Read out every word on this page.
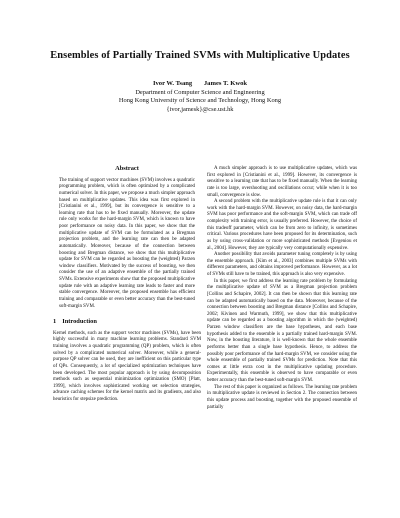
Ensembles of Partially Trained SVMs with Multiplicative Updates
Ivor W. Tsang James T. Kwok
Department of Computer Science and Engineering
Hong Kong University of Science and Technology, Hong Kong
{ivor,jamesk}@cse.ust.hk
Abstract

The training of support vector machines (SVM) involves a quadratic programming problem, which is often optimized by a complicated numerical solver. In this paper, we propose a much simpler approach based on multiplicative updates. This idea was first explored in [Cristianini et al., 1999], but its convergence is sensitive to a learning rate that has to be fixed manually. Moreover, the update rule only works for the hard-margin SVM, which is known to have poor performance on noisy data. In this paper, we show that the multiplicative update of SVM can be formulated as a Bregman projection problem, and the learning rate can then be adapted automatically. Moreover, because of the connection between boosting and Bregman distance, we show that this multiplicative update for SVM can be regarded as boosting the (weighted) Parzen window classifiers. Motivated by the success of boosting, we then consider the use of an adaptive ensemble of the partially trained SVMs. Extensive experiments show that the proposed multiplicative update rule with an adaptive learning rate leads to faster and more stable convergence. Moreover, the proposed ensemble has efficient training and comparable or even better accuracy than the best-tuned soft-margin SVM.

1 Introduction

Kernel methods, such as the support vector machines (SVMs), have been highly successful in many machine learning problems. Standard SVM training involves a quadratic programming (QP) problem, which is often solved by a complicated numerical solver. Moreover, while a general-purpose QP solver can be used, they are inefficient on this particular type of QPs. Consequently, a lot of specialized optimization techniques have been developed. The most popular approach is by using decomposition methods such as sequential minimization optimization (SMO) [Platt, 1999], which involves sophisticated working set selection strategies, advance caching schemes for the kernel matrix and its gradients, and also heuristics for stepsize prediction.

A much simpler approach is to use multiplicative updates, which was first explored in [Cristianini et al., 1999]. However, its convergence is sensitive to a learning rate that has to be fixed manually. When the learning rate is too large, overshooting and oscillations occur; while when it is too small, convergence is slow.

A second problem with the multiplicative update rule is that it can only work with the hard-margin SVM. However, on noisy data, the hard-margin SVM has poor performance and the soft-margin SVM, which can trade off complexity with training error, is usually preferred. However, the choice of this tradeoff parameter, which can be from zero to infinity, is sometimes critical. Various procedures have been proposed for its determination, such as by using cross-validation or more sophisticated methods [Evgeniou et al., 2004]. However, they are typically very computationally expensive.

Another possibility that avoids parameter tuning completely is by using the ensemble approach. [Kim et al., 2003] combines multiple SVMs with different parameters, and obtains improved performance. However, as a lot of SVMs still have to be trained, this approach is also very expensive.

In this paper, we first address the learning rate problem by formulating the multiplicative update of SVM as a Bregman projection problem [Collins and Schapire, 2002]. It can then be shown that this learning rate can be adapted automatically based on the data. Moreover, because of the connection between boosting and Bregman distance [Collins and Schapire, 2002; Kivinen and Warmuth, 1999], we show that this multiplicative update can be regarded as a boosting algorithm in which the (weighted) Parzen window classifiers are the base hypotheses, and each base hypothesis added to the ensemble is a partially trained hard-margin SVM. Now, in the boosting literature, it is well-known that the whole ensemble performs better than a single base hypothesis. Hence, to address the possibly poor performance of the hard-margin SVM, we consider using the whole ensemble of partially trained SVMs for prediction. Note that this comes at little extra cost in the multiplicative updating procedure. Experimentally, this ensemble is observed to have comparable or even better accuracy than the best-tuned soft-margin SVM.

The rest of this paper is organized as follows. The learning rate problem in multiplicative update is reviewed in Section 2. The connection between this update process and boosting, together with the proposed ensemble of partially
